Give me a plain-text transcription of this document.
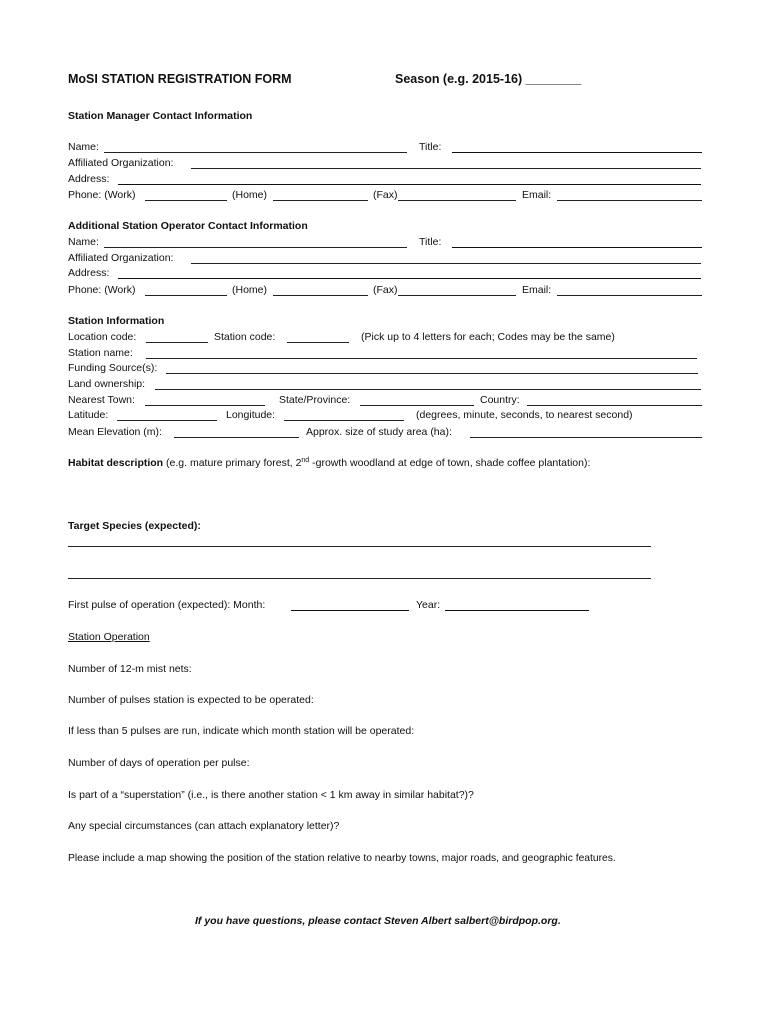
MoSI STATION REGISTRATION FORM	Season (e.g. 2015-16) ________
Station Manager Contact Information
Name:	Title:
Affiliated Organization:
Address:
Phone: (Work)	(Home)	(Fax)	Email:
Additional Station Operator Contact Information
Name:	Title:
Affiliated Organization:
Address:
Phone: (Work)	(Home)	(Fax)	Email:
Station Information
Location code:	Station code:	(Pick up to 4 letters for each; Codes may be the same)
Station name:
Funding Source(s):
Land ownership:
Nearest Town:	State/Province:	Country:
Latitude:	Longitude:	(degrees, minute, seconds, to nearest second)
Mean Elevation (m):	Approx. size of study area (ha):
Habitat description (e.g. mature primary forest, 2nd -growth woodland at edge of town, shade coffee plantation):
Target Species (expected):
First pulse of operation (expected): Month:	Year:
Station Operation
Number of 12-m mist nets:
Number of pulses station is expected to be operated:
If less than 5 pulses are run, indicate which month station will be operated:
Number of days of operation per pulse:
Is part of a “superstation” (i.e., is there another station < 1 km away in similar habitat?)?
Any special circumstances (can attach explanatory letter)?
Please include a map showing the position of the station relative to nearby towns, major roads, and geographic features.
If you have questions, please contact Steven Albert salbert@birdpop.org.
